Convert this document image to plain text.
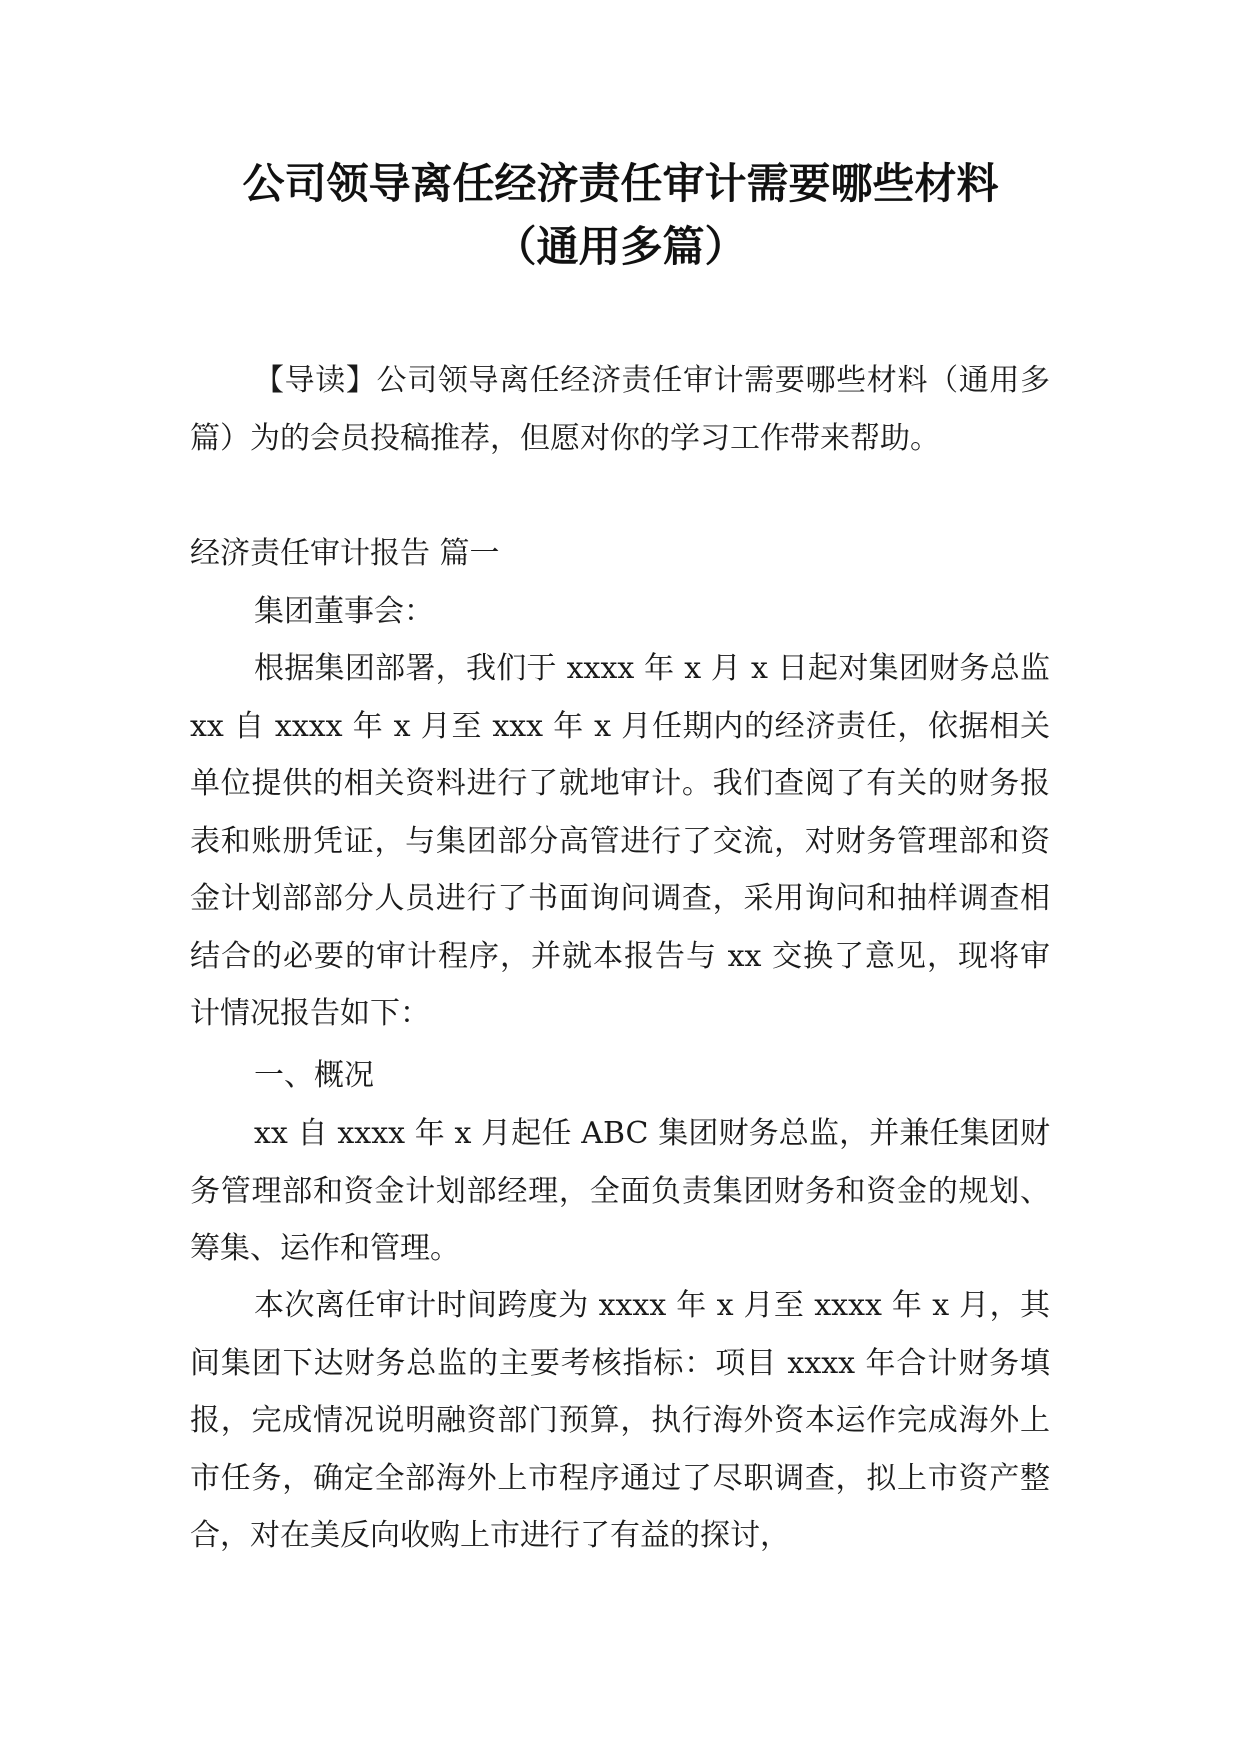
公司领导离任经济责任审计需要哪些材料
（通用多篇）

【导读】公司领导离任经济责任审计需要哪些材料（通用多篇）为的会员投稿推荐，但愿对你的学习工作带来帮助。

经济责任审计报告 篇一

集团董事会：

根据集团部署，我们于 xxxx 年 x 月 x 日起对集团财务总监 xx 自 xxxx 年 x 月至 xxx 年 x 月任期内的经济责任，依据相关单位提供的相关资料进行了就地审计。我们查阅了有关的财务报表和账册凭证，与集团部分高管进行了交流，对财务管理部和资金计划部部分人员进行了书面询问调查，采用询问和抽样调查相结合的必要的审计程序，并就本报告与 xx 交换了意见，现将审计情况报告如下：

一、概况

xx 自 xxxx 年 x 月起任 ABC 集团财务总监，并兼任集团财务管理部和资金计划部经理，全面负责集团财务和资金的规划、筹集、运作和管理。

本次离任审计时间跨度为 xxxx 年 x 月至 xxxx 年 x 月，其间集团下达财务总监的主要考核指标：项目 xxxx 年合计财务填报，完成情况说明融资部门预算，执行海外资本运作完成海外上市任务，确定全部海外上市程序通过了尽职调查，拟上市资产整合，对在美反向收购上市进行了有益的探讨，
